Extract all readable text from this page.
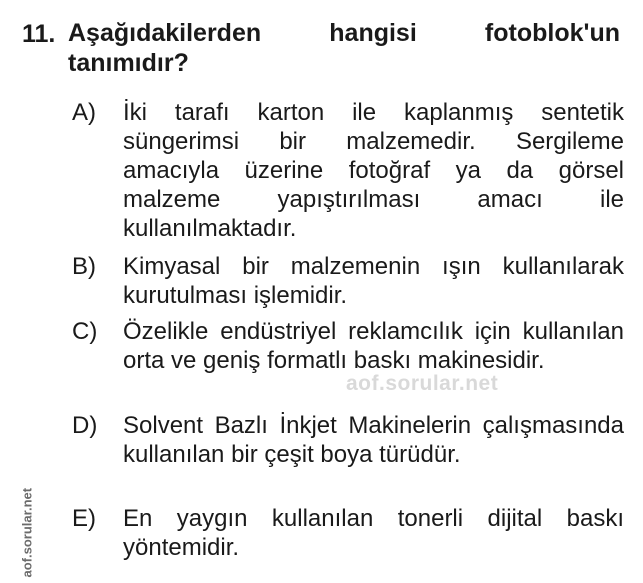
11. Aşağıdakilerden hangisi fotoblok'un
tanımıdır?
A)	İki tarafı karton ile kaplanmış sentetik süngerimsi bir malzemedir. Sergileme amacıyla üzerine fotoğraf ya da görsel malzeme yapıştırılması amacı ile kullanılmaktadır.
B)	Kimyasal bir malzemenin ışın kullanılarak kurutulması işlemidir.
C)	Özelikle endüstriyel reklamcılık için kullanılan orta ve geniş formatlı baskı makinesidir.
D)	Solvent Bazlı İnkjet Makinelerin çalışmasında kullanılan bir çeşit boya türüdür.
E)	En yaygın kullanılan tonerli dijital baskı yöntemidir.
aof.sorular.net
aof.sorular.net
